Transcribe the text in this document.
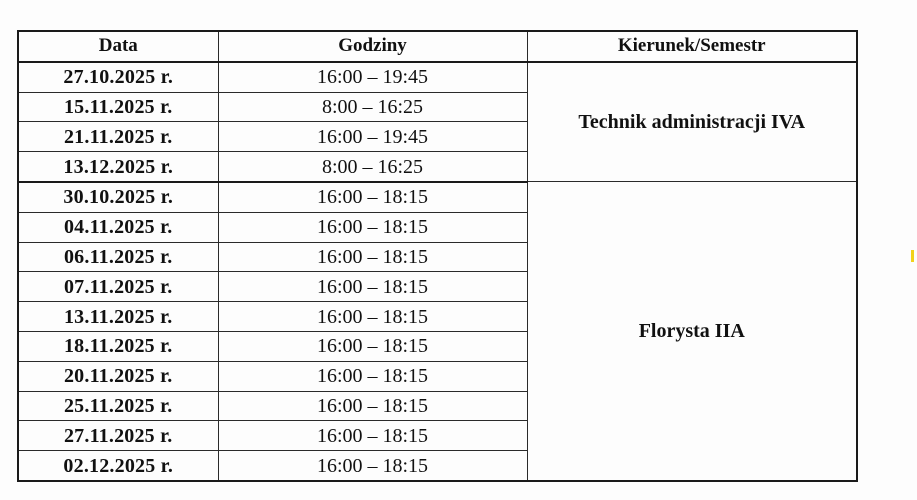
Data	Godziny	Kierunek/Semestr
27.10.2025 r.	16:00 – 19:45	Technik administracji IVA
15.11.2025 r.	8:00 – 16:25	
21.11.2025 r.	16:00 – 19:45	
13.12.2025 r.	8:00 – 16:25	
30.10.2025 r.	16:00 – 18:15	Florysta IIA
04.11.2025 r.	16:00 – 18:15	
06.11.2025 r.	16:00 – 18:15	
07.11.2025 r.	16:00 – 18:15	
13.11.2025 r.	16:00 – 18:15	
18.11.2025 r.	16:00 – 18:15	
20.11.2025 r.	16:00 – 18:15	
25.11.2025 r.	16:00 – 18:15	
27.11.2025 r.	16:00 – 18:15	
02.12.2025 r.	16:00 – 18:15	
